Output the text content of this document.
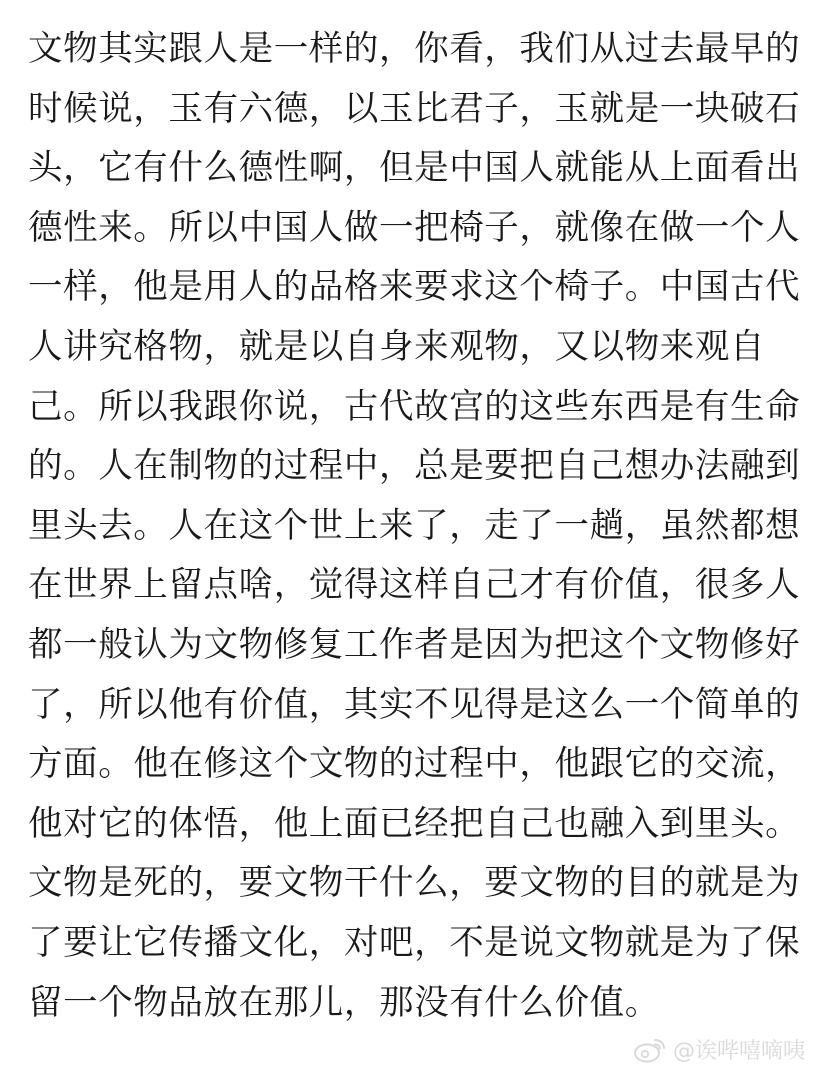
文物其实跟人是一样的，你看，我们从过去最早的
时候说，玉有六德，以玉比君子，玉就是一块破石
头，它有什么德性啊，但是中国人就能从上面看出
德性来。所以中国人做一把椅子，就像在做一个人
一样，他是用人的品格来要求这个椅子。中国古代
人讲究格物，就是以自身来观物，又以物来观自
己。所以我跟你说，古代故宫的这些东西是有生命
的。人在制物的过程中，总是要把自己想办法融到
里头去。人在这个世上来了，走了一趟，虽然都想
在世界上留点啥，觉得这样自己才有价值，很多人
都一般认为文物修复工作者是因为把这个文物修好
了，所以他有价值，其实不见得是这么一个简单的
方面。他在修这个文物的过程中，他跟它的交流，
他对它的体悟，他上面已经把自己也融入到里头。
文物是死的，要文物干什么，要文物的目的就是为
了要让它传播文化，对吧，不是说文物就是为了保
留一个物品放在那儿，那没有什么价值。
@诶哔嘻嘀咦
